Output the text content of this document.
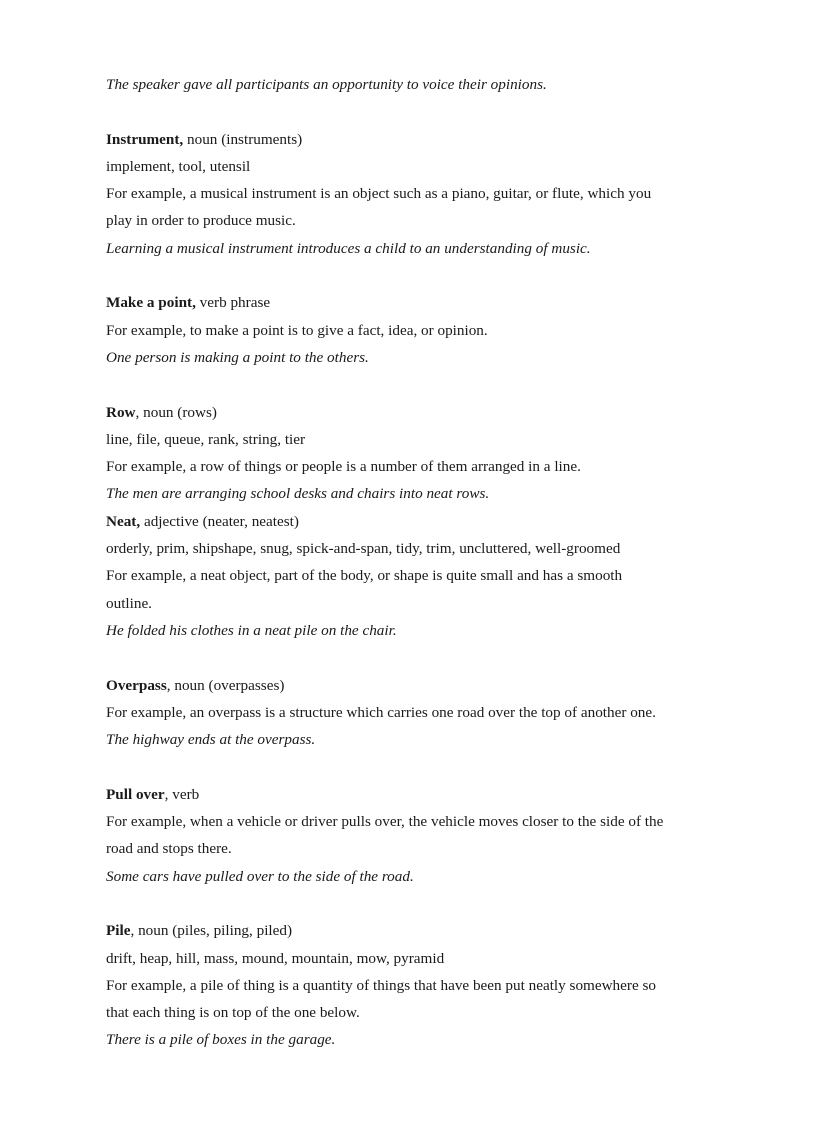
The speaker gave all participants an opportunity to voice their opinions.
Instrument, noun (instruments)
implement, tool, utensil
For example, a musical instrument is an object such as a piano, guitar, or flute, which you
play in order to produce music.
Learning a musical instrument introduces a child to an understanding of music.
Make a point, verb phrase
For example, to make a point is to give a fact, idea, or opinion.
One person is making a point to the others.
Row, noun (rows)
line, file, queue, rank, string, tier
For example, a row of things or people is a number of them arranged in a line.
The men are arranging school desks and chairs into neat rows.
Neat, adjective (neater, neatest)
orderly, prim, shipshape, snug, spick-and-span, tidy, trim, uncluttered, well-groomed
For example, a neat object, part of the body, or shape is quite small and has a smooth
outline.
He folded his clothes in a neat pile on the chair.
Overpass, noun (overpasses)
For example, an overpass is a structure which carries one road over the top of another one.
The highway ends at the overpass.
Pull over, verb
For example, when a vehicle or driver pulls over, the vehicle moves closer to the side of the
road and stops there.
Some cars have pulled over to the side of the road.
Pile, noun (piles, piling, piled)
drift, heap, hill, mass, mound, mountain, mow, pyramid
For example, a pile of thing is a quantity of things that have been put neatly somewhere so
that each thing is on top of the one below.
There is a pile of boxes in the garage.
